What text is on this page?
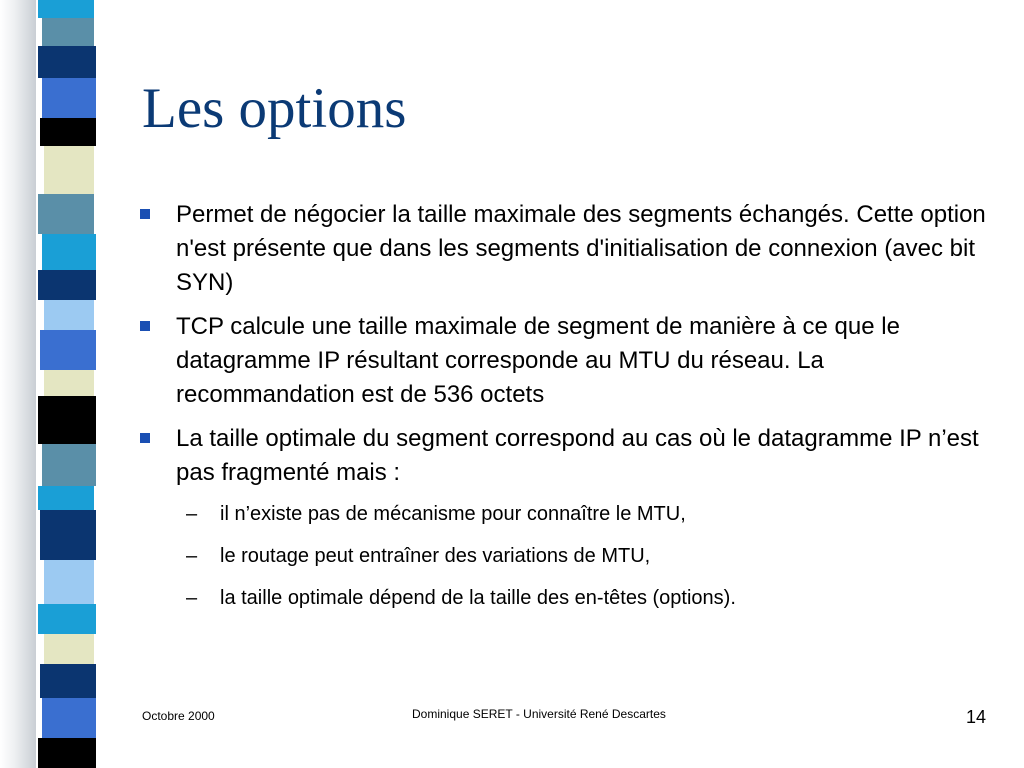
Les options
Permet de négocier la taille maximale des segments échangés. Cette option n'est présente que dans les segments d'initialisation de connexion (avec bit SYN)
TCP calcule une taille maximale de segment de manière à ce que le datagramme IP résultant corresponde au MTU du réseau. La recommandation est de 536 octets
La taille optimale du segment correspond au cas où le datagramme IP n’est pas fragmenté mais :
– il n’existe pas de mécanisme pour connaître le MTU,
– le routage peut entraîner des variations de MTU,
– la taille optimale dépend de la taille des en-têtes (options).
Octobre 2000	Dominique SERET - Université René Descartes	14
